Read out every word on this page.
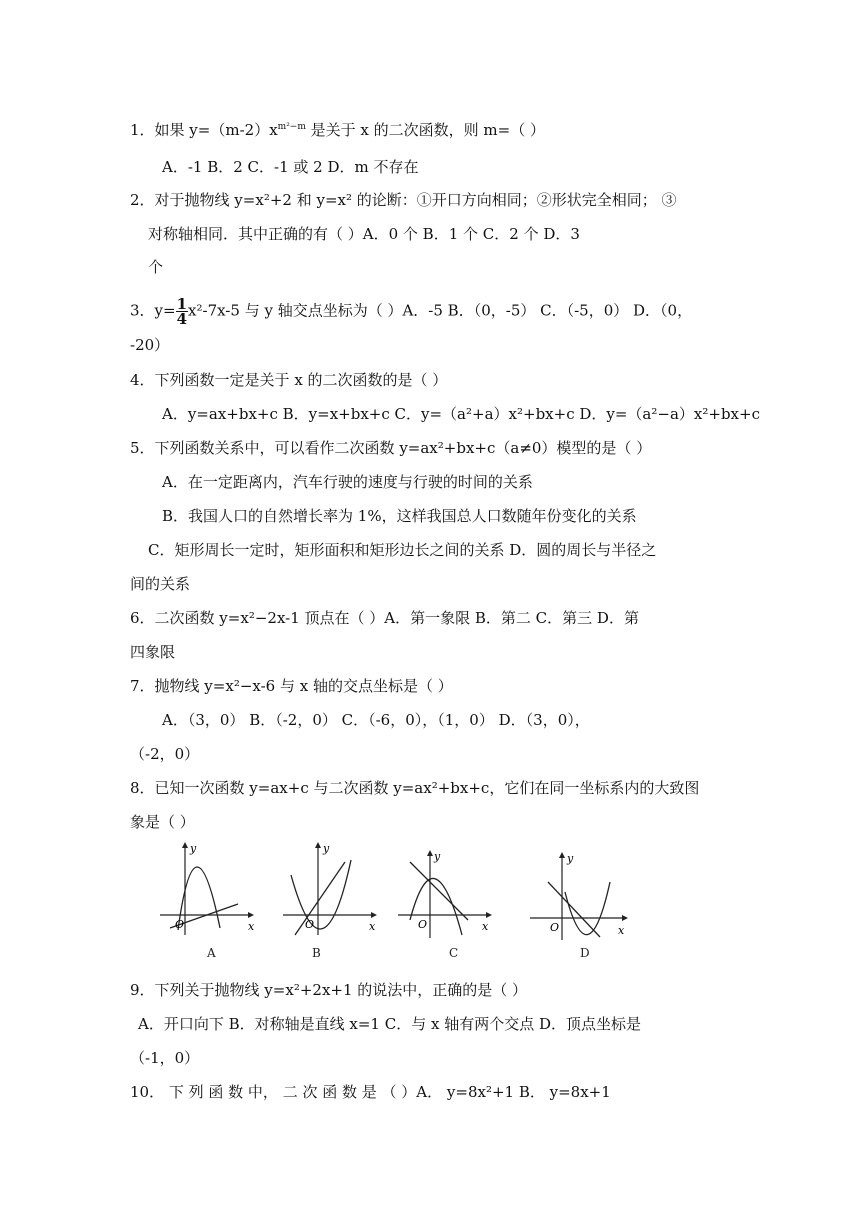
1．如果 $y=(m-2)x^{m^2-m}$ 是关于 x 的二次函数，则 m=（ ）
A．-1 B．2 C．-1 或 2 D．m 不存在
2．对于抛物线 y=x²+2 和 y=x² 的论断：①开口方向相同；②形状完全相同； ③
对称轴相同．其中正确的有（ ）A．0 个 B．1 个 C．2 个 D．3
个
3．$y= \frac{1}{4} x^2-7x-5$ 与 y 轴交点坐标为（ ）A．-5 B．（0，-5） C．（-5，0） D．（0，
-20）
4．下列函数一定是关于 x 的二次函数的是（ ）
A．y=ax+bx+c B．y=x+bx+c C．y=（a²+a）x²+bx+c D．y=（a²−a）x²+bx+c
5．下列函数关系中，可以看作二次函数 y=ax²+bx+c（a≠0）模型的是（ ）
A．在一定距离内，汽车行驶的速度与行驶的时间的关系
B．我国人口的自然增长率为 1%，这样我国总人口数随年份变化的关系
C．矩形周长一定时，矩形面积和矩形边长之间的关系 D．圆的周长与半径之
间的关系
6．二次函数 y=x²−2x-1 顶点在（ ）A．第一象限 B．第二 C．第三 D．第
四象限
7．抛物线 y=x²−x-6 与 x 轴的交点坐标是（ ）
A．（3，0） B．（-2，0） C．（-6，0），（1，0） D．（3，0），
（-2，0）
8．已知一次函数 y=ax+c 与二次函数 y=ax²+bx+c，它们在同一坐标系内的大致图
象是（ ）
x
y
O
A
x
y
O
B
x
y
O
C
x
y
O
D
9．下列关于抛物线 y=x²+2x+1 的说法中，正确的是（ ）
A．开口向下 B．对称轴是直线 x=1 C．与 x 轴有两个交点 D．顶点坐标是
（-1，0）
10． 下 列 函 数 中， 二 次 函 数 是 （ ）A． y=8x²+1 B． y=8x+1
